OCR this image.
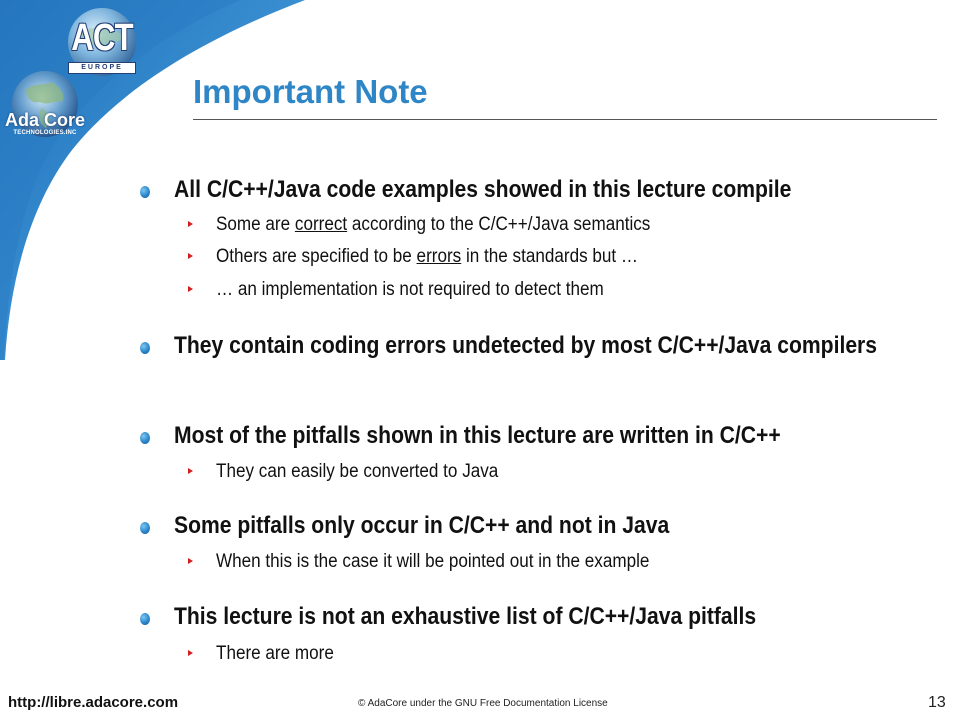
ACT
EUROPE
Ada Core
TECHNOLOGIES.INC
Important Note
All C/C++/Java code examples showed in this lecture compile
Some are correct according to the C/C++/Java semantics
Others are specified to be errors in the standards but …
… an implementation is not required to detect them
They contain coding errors undetected by most C/C++/Java compilers
Most of the pitfalls shown in this lecture are written in C/C++
They can easily be converted to Java
Some pitfalls only occur in C/C++ and not in Java
When this is the case it will be pointed out in the example
This lecture is not an exhaustive list of C/C++/Java pitfalls
There are more
http://libre.adacore.com	© AdaCore under the GNU Free Documentation License	13
